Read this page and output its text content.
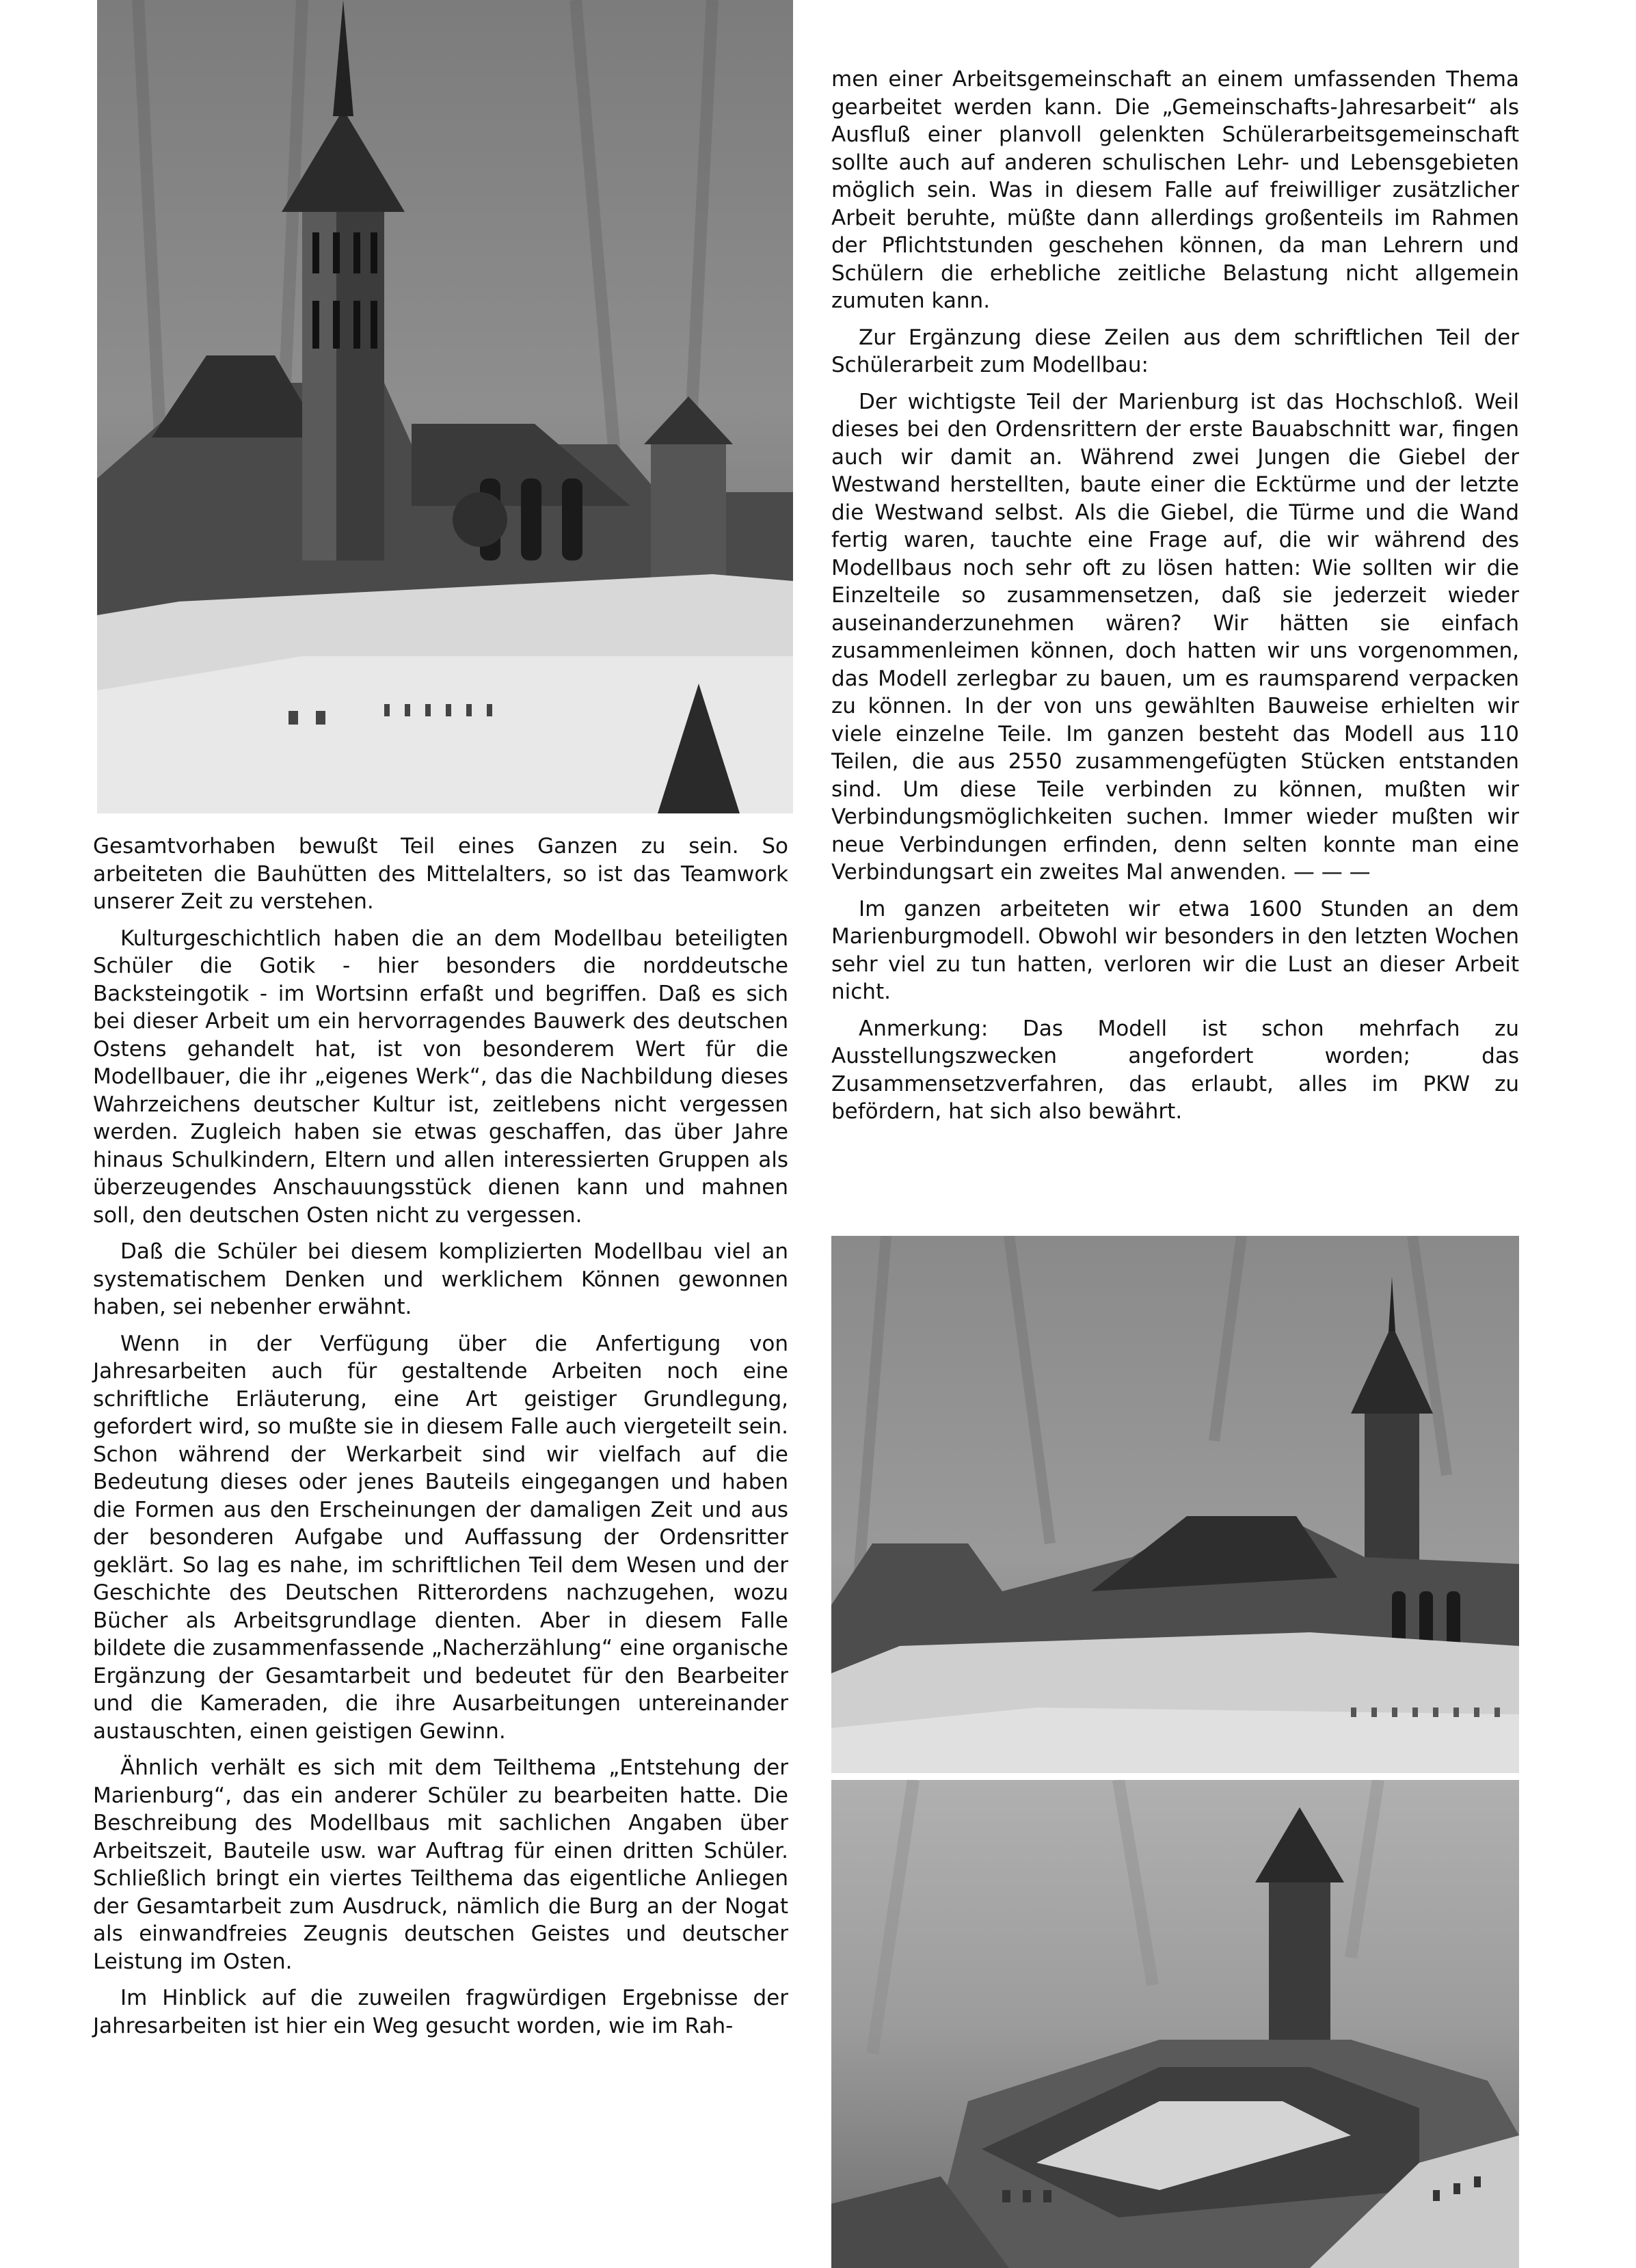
Gesamtvorhaben bewußt Teil eines Ganzen zu sein. So arbeiteten die Bauhütten des Mittelalters, so ist das Teamwork unserer Zeit zu verstehen.

Kulturgeschichtlich haben die an dem Modellbau beteiligten Schüler die Gotik - hier besonders die norddeutsche Backsteingotik - im Wortsinn erfaßt und begriffen. Daß es sich bei dieser Arbeit um ein hervorragendes Bauwerk des deutschen Ostens gehandelt hat, ist von besonderem Wert für die Modellbauer, die ihr „eigenes Werk“, das die Nachbildung dieses Wahrzeichens deutscher Kultur ist, zeitlebens nicht vergessen werden. Zugleich haben sie etwas geschaffen, das über Jahre hinaus Schulkindern, Eltern und allen interessierten Gruppen als überzeugendes Anschauungsstück dienen kann und mahnen soll, den deutschen Osten nicht zu vergessen.

Daß die Schüler bei diesem komplizierten Modellbau viel an systematischem Denken und werklichem Können gewonnen haben, sei nebenher erwähnt.

Wenn in der Verfügung über die Anfertigung von Jahresarbeiten auch für gestaltende Arbeiten noch eine schriftliche Erläuterung, eine Art geistiger Grundlegung, gefordert wird, so mußte sie in diesem Falle auch viergeteilt sein. Schon während der Werkarbeit sind wir vielfach auf die Bedeutung dieses oder jenes Bauteils eingegangen und haben die Formen aus den Erscheinungen der damaligen Zeit und aus der besonderen Aufgabe und Auffassung der Ordensritter geklärt. So lag es nahe, im schriftlichen Teil dem Wesen und der Geschichte des Deutschen Ritterordens nachzugehen, wozu Bücher als Arbeitsgrundlage dienten. Aber in diesem Falle bildete die zusammenfassende „Nacherzählung“ eine organische Ergänzung der Gesamtarbeit und bedeutet für den Bearbeiter und die Kameraden, die ihre Ausarbeitungen untereinander austauschten, einen geistigen Gewinn.

Ähnlich verhält es sich mit dem Teilthema „Entstehung der Marienburg“, das ein anderer Schüler zu bearbeiten hatte. Die Beschreibung des Modellbaus mit sachlichen Angaben über Arbeitszeit, Bauteile usw. war Auftrag für einen dritten Schüler. Schließlich bringt ein viertes Teilthema das eigentliche Anliegen der Gesamtarbeit zum Ausdruck, nämlich die Burg an der Nogat als einwandfreies Zeugnis deutschen Geistes und deutscher Leistung im Osten.

Im Hinblick auf die zuweilen fragwürdigen Ergebnisse der Jahresarbeiten ist hier ein Weg gesucht worden, wie im Rah-

men einer Arbeitsgemeinschaft an einem umfassenden Thema gearbeitet werden kann. Die „Gemeinschafts-Jahresarbeit“ als Ausfluß einer planvoll gelenkten Schülerarbeitsgemeinschaft sollte auch auf anderen schulischen Lehr- und Lebensgebieten möglich sein. Was in diesem Falle auf freiwilliger zusätzlicher Arbeit beruhte, müßte dann allerdings großenteils im Rahmen der Pflichtstunden geschehen können, da man Lehrern und Schülern die erhebliche zeitliche Belastung nicht allgemein zumuten kann.

Zur Ergänzung diese Zeilen aus dem schriftlichen Teil der Schülerarbeit zum Modellbau:

Der wichtigste Teil der Marienburg ist das Hochschloß. Weil dieses bei den Ordensrittern der erste Bauabschnitt war, fingen auch wir damit an. Während zwei Jungen die Giebel der Westwand herstellten, baute einer die Ecktürme und der letzte die Westwand selbst. Als die Giebel, die Türme und die Wand fertig waren, tauchte eine Frage auf, die wir während des Modellbaus noch sehr oft zu lösen hatten: Wie sollten wir die Einzelteile so zusammensetzen, daß sie jederzeit wieder auseinanderzunehmen wären? Wir hätten sie einfach zusammenleimen können, doch hatten wir uns vorgenommen, das Modell zerlegbar zu bauen, um es raumsparend verpacken zu können. In der von uns gewählten Bauweise erhielten wir viele einzelne Teile. Im ganzen besteht das Modell aus 110 Teilen, die aus 2550 zusammengefügten Stücken entstanden sind. Um diese Teile verbinden zu können, mußten wir Verbindungsmöglichkeiten suchen. Immer wieder mußten wir neue Verbindungen erfinden, denn selten konnte man eine Verbindungsart ein zweites Mal anwenden. — — —

Im ganzen arbeiteten wir etwa 1600 Stunden an dem Marienburgmodell. Obwohl wir besonders in den letzten Wochen sehr viel zu tun hatten, verloren wir die Lust an dieser Arbeit nicht.

Anmerkung: Das Modell ist schon mehrfach zu Ausstellungszwecken angefordert worden; das Zusammensetzverfahren, das erlaubt, alles im PKW zu befördern, hat sich also bewährt.
